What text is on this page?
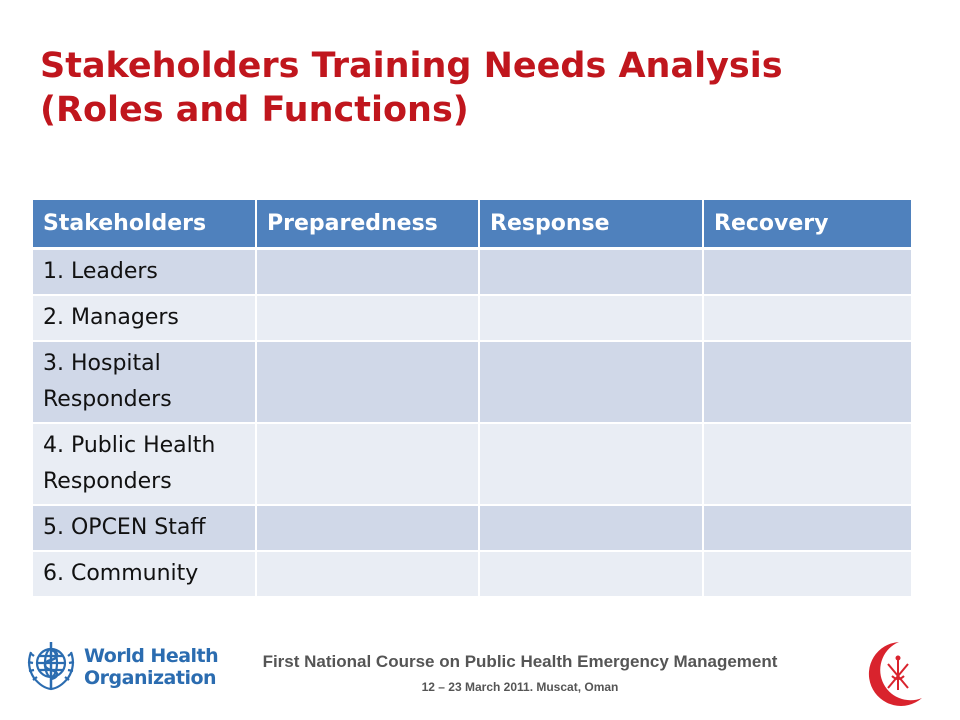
Stakeholders Training Needs Analysis
(Roles and Functions)
Stakeholders	Preparedness	Response	Recovery
1. Leaders			
2. Managers			
3. Hospital Responders			
4. Public Health Responders			
5. OPCEN Staff			
6. Community			
World Health
Organization
First National Course on Public Health Emergency Management
12 – 23 March 2011. Muscat, Oman
